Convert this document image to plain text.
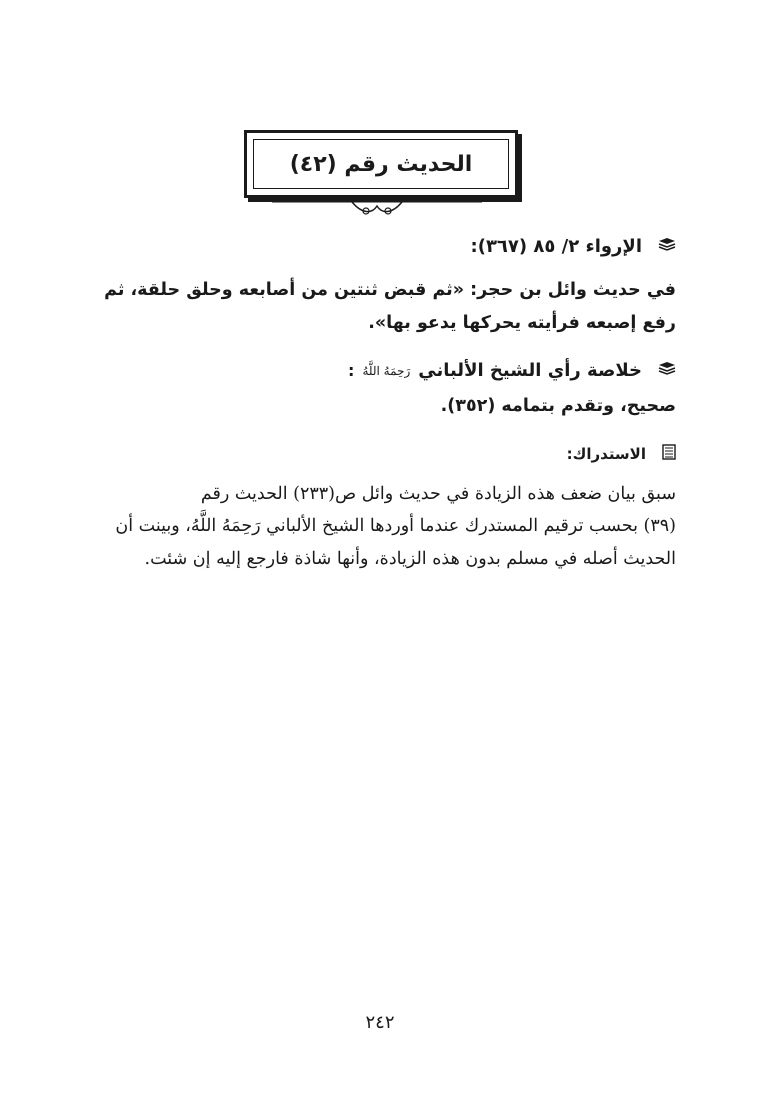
الحديث رقم (٤٢)
الإرواء ٢/ ٨٥ (٣٦٧):
في حديث وائل بن حجر: «ثم قبض ثنتين من أصابعه وحلق حلقة، ثم
رفع إصبعه فرأيته يحركها يدعو بها».
خلاصة رأي الشيخ الألباني
رَحِمَهُ اللَّهُ
:
صحيح، وتقدم بتمامه (٣٥٢).
الاستدراك:
سبق بيان ضعف هذه الزيادة في حديث وائل ص(٢٣٣) الحديث رقم
(٣٩) بحسب ترقيم المستدرك عندما أوردها الشيخ الألباني رَحِمَهُ اللَّهُ، وبينت أن
الحديث أصله في مسلم بدون هذه الزيادة، وأنها شاذة فارجع إليه إن شئت.
٢٤٢
